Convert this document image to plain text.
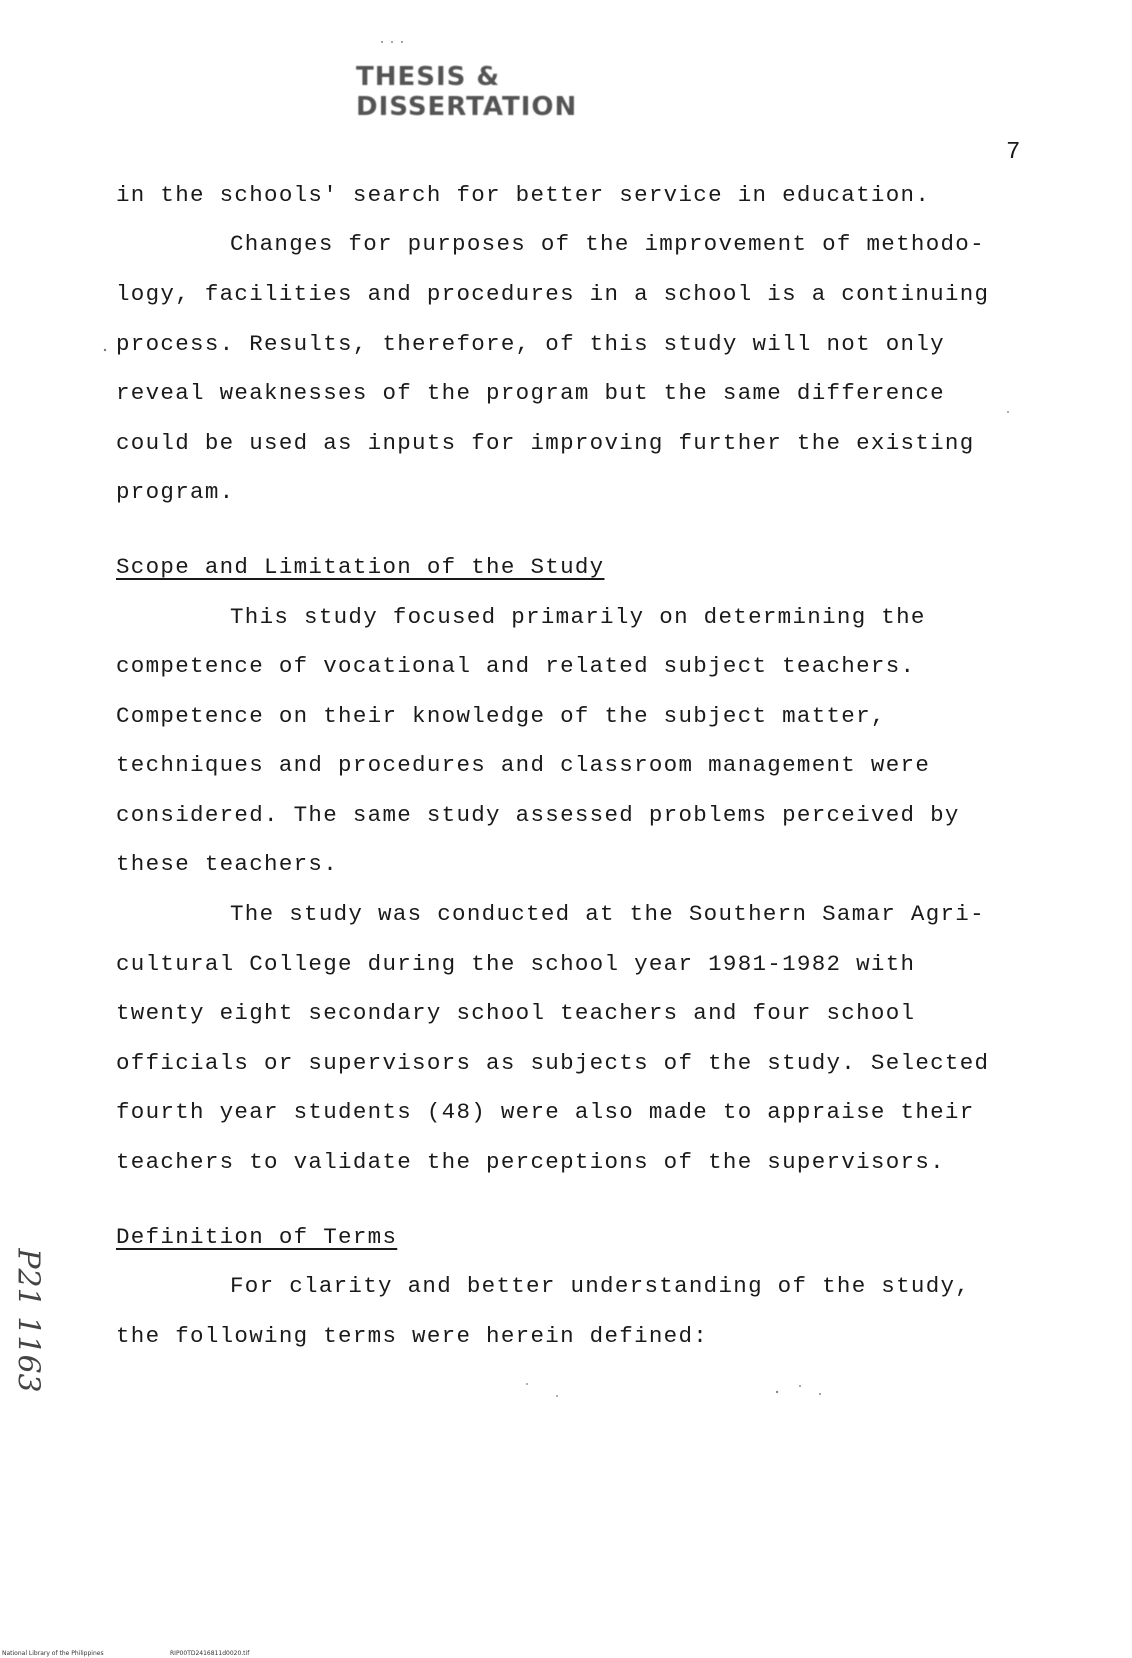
THESIS & DISSERTATION
7
in the schools' search for better service in education.
Changes for purposes of the improvement of methodo-
logy, facilities and procedures in a school is a continuing
process. Results, therefore, of this study will not only
reveal weaknesses of the program but the same difference
could be used as inputs for improving further the existing
program.
Scope and Limitation of the Study
This study focused primarily on determining the
competence of vocational and related subject teachers.
Competence on their knowledge of the subject matter,
techniques and procedures and classroom management were
considered. The same study assessed problems perceived by
these teachers.
The study was conducted at the Southern Samar Agri-
cultural College during the school year 1981-1982 with
twenty eight secondary school teachers and four school
officials or supervisors as subjects of the study. Selected
fourth year students (48) were also made to appraise their
teachers to validate the perceptions of the supervisors.
Definition of Terms
For clarity and better understanding of the study,
the following terms were herein defined:
P21 1163
National Library of the Philippines	RIP00TD2416811d0020.tif
